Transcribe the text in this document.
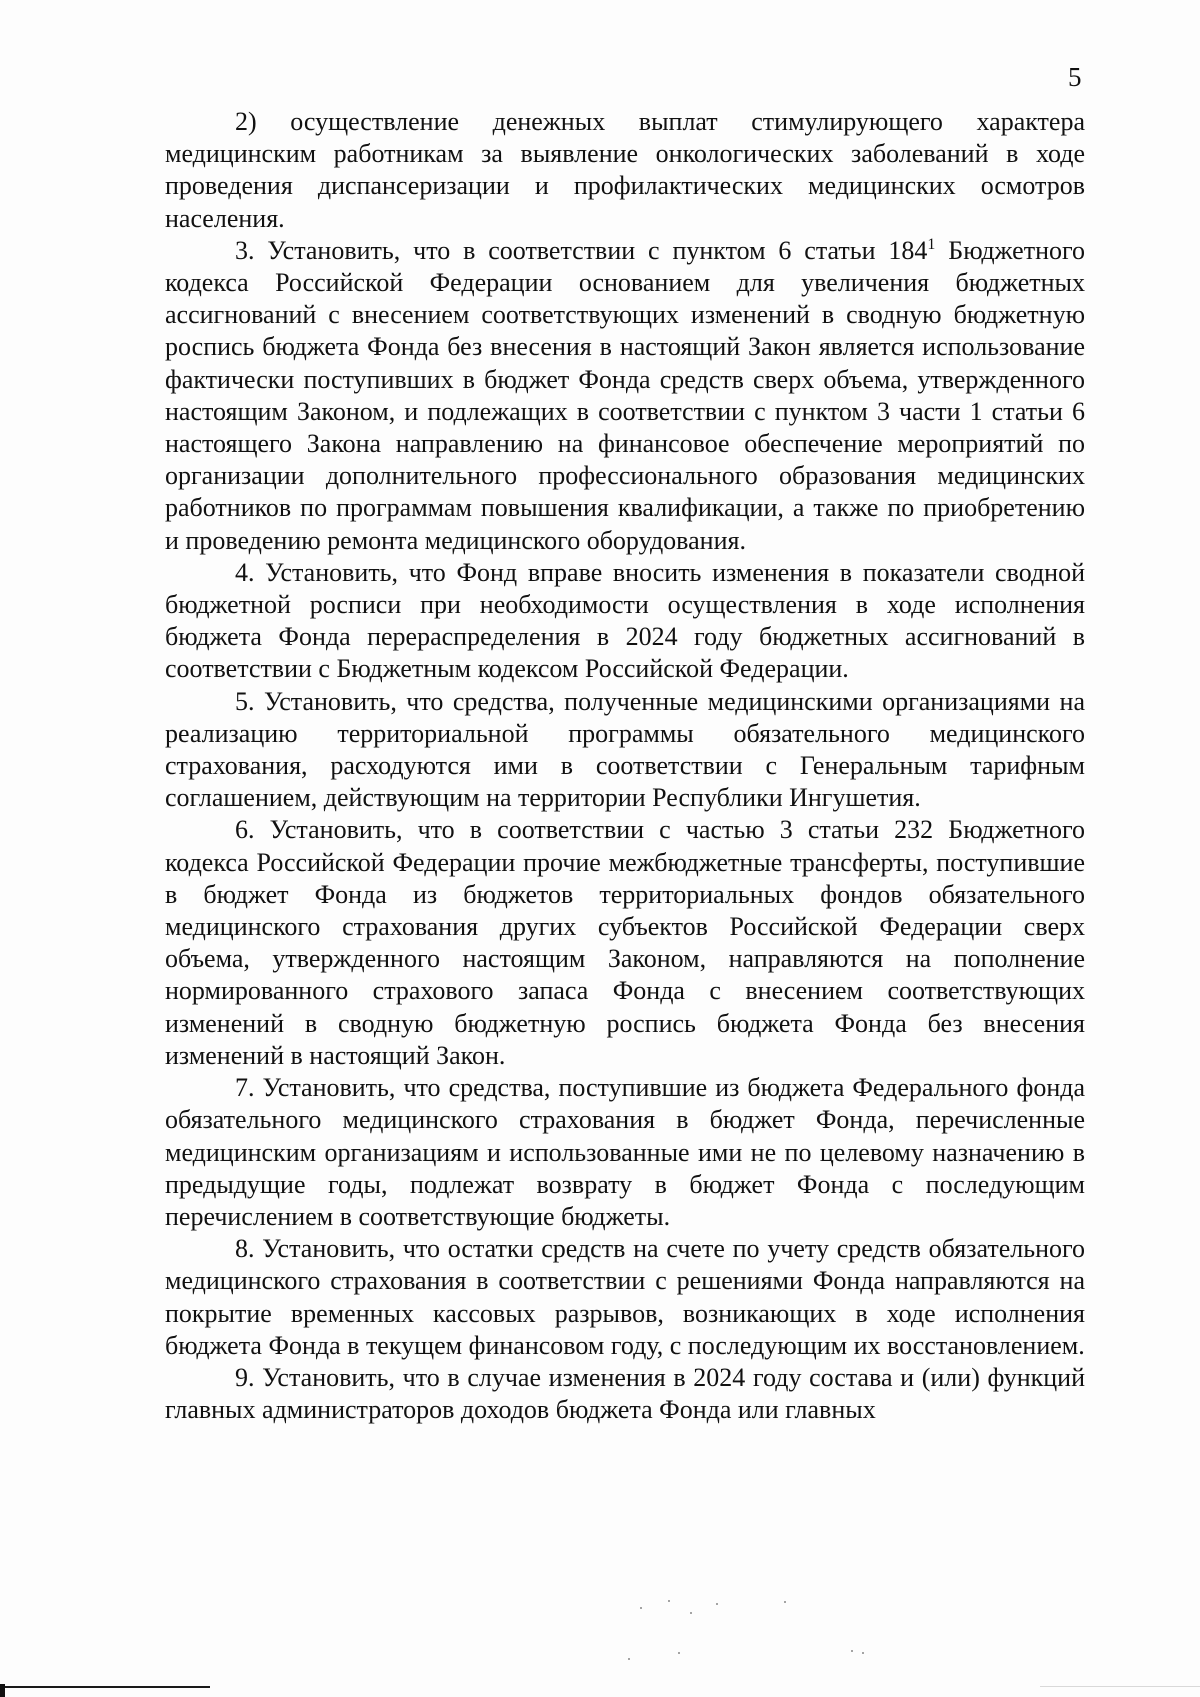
5

2) осуществление денежных выплат стимулирующего характера медицинским работникам за выявление онкологических заболеваний в ходе проведения диспансеризации и профилактических медицинских осмотров населения.

3. Установить, что в соответствии с пунктом 6 статьи $184^1$ Бюджетного кодекса Российской Федерации основанием для увеличения бюджетных ассигнований с внесением соответствующих изменений в сводную бюджетную роспись бюджета Фонда без внесения в настоящий Закон является использование фактически поступивших в бюджет Фонда средств сверх объема, утвержденного настоящим Законом, и подлежащих в соответствии с пунктом 3 части 1 статьи 6 настоящего Закона направлению на финансовое обеспечение мероприятий по организации дополнительного профессионального образования медицинских работников по программам повышения квалификации, а также по приобретению и проведению ремонта медицинского оборудования.

4. Установить, что Фонд вправе вносить изменения в показатели сводной бюджетной росписи при необходимости осуществления в ходе исполнения бюджета Фонда перераспределения в 2024 году бюджетных ассигнований в соответствии с Бюджетным кодексом Российской Федерации.

5. Установить, что средства, полученные медицинскими организациями на реализацию территориальной программы обязательного медицинского страхования, расходуются ими в соответствии с Генеральным тарифным соглашением, действующим на территории Республики Ингушетия.

6. Установить, что в соответствии с частью 3 статьи 232 Бюджетного кодекса Российской Федерации прочие межбюджетные трансферты, поступившие в бюджет Фонда из бюджетов территориальных фондов обязательного медицинского страхования других субъектов Российской Федерации сверх объема, утвержденного настоящим Законом, направляются на пополнение нормированного страхового запаса Фонда с внесением соответствующих изменений в сводную бюджетную роспись бюджета Фонда без внесения изменений в настоящий Закон.

7. Установить, что средства, поступившие из бюджета Федерального фонда обязательного медицинского страхования в бюджет Фонда, перечисленные медицинским организациям и использованные ими не по целевому назначению в предыдущие годы, подлежат возврату в бюджет Фонда с последующим перечислением в соответствующие бюджеты.

8. Установить, что остатки средств на счете по учету средств обязательного медицинского страхования в соответствии с решениями Фонда направляются на покрытие временных кассовых разрывов, возникающих в ходе исполнения бюджета Фонда в текущем финансовом году, с последующим их восстановлением.

9. Установить, что в случае изменения в 2024 году состава и (или) функций главных администраторов доходов бюджета Фонда или главных
